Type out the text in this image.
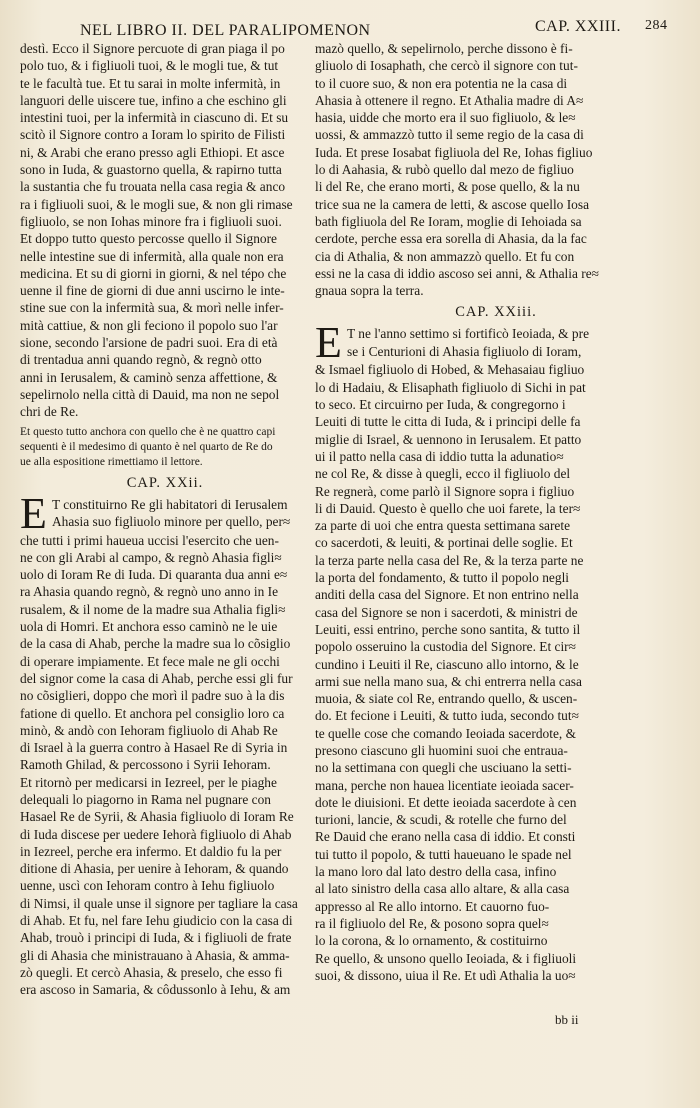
NEL LIBRO II. DEL PARALIPOMENON	CAP. XXIII. 284
destì. Ecco il Signore percuote di gran piaga il po
polo tuo, & i figliuoli tuoi, & le mogli tue, & tut
te le facultà tue. Et tu sarai in molte infermità, in
languori delle uiscere tue, infino a che eschino gli
intestini tuoi, per la infermità in ciascuno di. Et su
scitò il Signore contro a Ioram lo spirito de Filisti
ni, & Arabi che erano presso agli Ethiopi. Et asce
sono in Iuda, & guastorno quella, & rapirno tutta
la sustantia che fu trouata nella casa regia & anco
ra i figliuoli suoi, & le mogli sue, & non gli rimase
figliuolo, se non Iohas minore fra i figliuoli suoi.
Et doppo tutto questo percosse quello il Signore
nelle intestine sue di infermità, alla quale non era
medicina. Et su di giorni in giorni, & nel tépo che
uenne il fine de giorni di due anni uscirno le inte-
stine sue con la infermità sua, & morì nelle infer-
mità cattiue, & non gli feciono il popolo suo l'ar
sione, secondo l'arsione de padri suoi. Era di età
di trentadua anni quando regnò, & regnò otto
anni in Ierusalem, & caminò senza affettione, &
sepelirnolo nella città di Dauid, ma non ne sepol
chri de Re.
Et questo tutto anchora con quello che è ne quattro capi
sequenti è il medesimo di quanto è nel quarto de Re do
ue alla espositione rimettiamo il lettore.
CAP. XXii.
E T constituirno Re gli habitatori di Ierusalem
Ahasia suo figliuolo minore per quello, per≈
che tutti i primi haueua uccisi l'esercito che uen-
ne con gli Arabi al campo, & regnò Ahasia figli≈
uolo di Ioram Re di Iuda. Di quaranta dua anni e≈
ra Ahasia quando regnò, & regnò uno anno in Ie
rusalem, & il nome de la madre sua Athalia figli≈
uola di Homri. Et anchora esso caminò ne le uie
de la casa di Ahab, perche la madre sua lo cõsiglio
di operare impiamente. Et fece male ne gli occhi
del signor come la casa di Ahab, perche essi gli fur
no cõsiglieri, doppo che morì il padre suo à la dis
fatione di quello. Et anchora pel consiglio loro ca
minò, & andò con Iehoram figliuolo di Ahab Re
di Israel à la guerra contro à Hasael Re di Syria in
Ramoth Ghilad, & percossono i Syrii Iehoram.
Et ritornò per medicarsi in Iezreel, per le piaghe
delequali lo piagorno in Rama nel pugnare con
Hasael Re de Syrii, & Ahasia figliuolo di Ioram Re
di Iuda discese per uedere Iehorà figliuolo di Ahab
in Iezreel, perche era infermo. Et daldio fu la per
ditione di Ahasia, per uenire à Iehoram, & quando
uenne, uscì con Iehoram contro à Iehu figliuolo
di Nimsi, il quale unse il signore per tagliare la casa
di Ahab. Et fu, nel fare Iehu giudicio con la casa di
Ahab, trouò i principi di Iuda, & i figliuoli de frate
gli di Ahasia che ministrauano à Ahasia, & amma-
zò quegli. Et cercò Ahasia, & preselo, che esso fi
era ascoso in Samaria, & côdussonlo à Iehu, & am
mazò quello, & sepelirnolo, perche dissono è fi-
gliuolo di Iosaphath, che cercò il signore con tut-
to il cuore suo, & non era potentia ne la casa di
Ahasia à ottenere il regno. Et Athalia madre di A≈
hasia, uidde che morto era il suo figliuolo, & le≈
uossi, & ammazzò tutto il seme regio de la casa di
Iuda. Et prese Iosabat figliuola del Re, Iohas figliuo
lo di Aahasia, & rubò quello dal mezo de figliuo
li del Re, che erano morti, & pose quello, & la nu
trice sua ne la camera de letti, & ascose quello Iosa
bath figliuola del Re Ioram, moglie di Iehoiada sa
cerdote, perche essa era sorella di Ahasia, da la fac
cia di Athalia, & non ammazzò quello. Et fu con
essi ne la casa di iddio ascoso sei anni, & Athalia re≈
gnaua sopra la terra.
CAP. XXiii.
E T ne l'anno settimo si fortificò Ieoiada, & pre
se i Centurioni di Ahasia figliuolo di Ioram,
& Ismael figliuolo di Hobed, & Mehasaiau figliuo
lo di Hadaiu, & Elisaphath figliuolo di Sichi in pat
to seco. Et circuirno per Iuda, & congregorno i
Leuiti di tutte le citta di Iuda, & i principi delle fa
miglie di Israel, & uennono in Ierusalem. Et patto
ui il patto nella casa di iddio tutta la adunatio≈
ne col Re, & disse à quegli, ecco il figliuolo del
Re regnerà, come parlò il Signore sopra i figliuo
li di Dauid. Questo è quello che uoi farete, la ter≈
za parte di uoi che entra questa settimana sarete
co sacerdoti, & leuiti, & portinai delle soglie. Et
la terza parte nella casa del Re, & la terza parte ne
la porta del fondamento, & tutto il popolo negli
anditi della casa del Signore. Et non entrino nella
casa del Signore se non i sacerdoti, & ministri de
Leuiti, essi entrino, perche sono santita, & tutto il
popolo osseruino la custodia del Signore. Et cir≈
cundino i Leuiti il Re, ciascuno allo intorno, & le
armi sue nella mano sua, & chi entrerra nella casa
muoia, & siate col Re, entrando quello, & uscen-
do. Et fecione i Leuiti, & tutto iuda, secondo tut≈
te quelle cose che comando Ieoiada sacerdote, &
presono ciascuno gli huomini suoi che entraua-
no la settimana con quegli che usciuano la setti-
mana, perche non hauea licentiate ieoiada sacer-
dote le diuisioni. Et dette ieoiada sacerdote à cen
turioni, lancie, & scudi, & rotelle che furno del
Re Dauid che erano nella casa di iddio. Et consti
tui tutto il popolo, & tutti haueuano le spade nel
la mano loro dal lato destro della casa, infino
al lato sinistro della casa allo altare, & alla casa
appresso al Re allo intorno. Et cauorno fuo-
ra il figliuolo del Re, & posono sopra quel≈
lo la corona, & lo ornamento, & costituirno
Re quello, & unsono quello Ieoiada, & i figliuoli
suoi, & dissono, uiua il Re. Et udì Athalia la uo≈
bb ii
